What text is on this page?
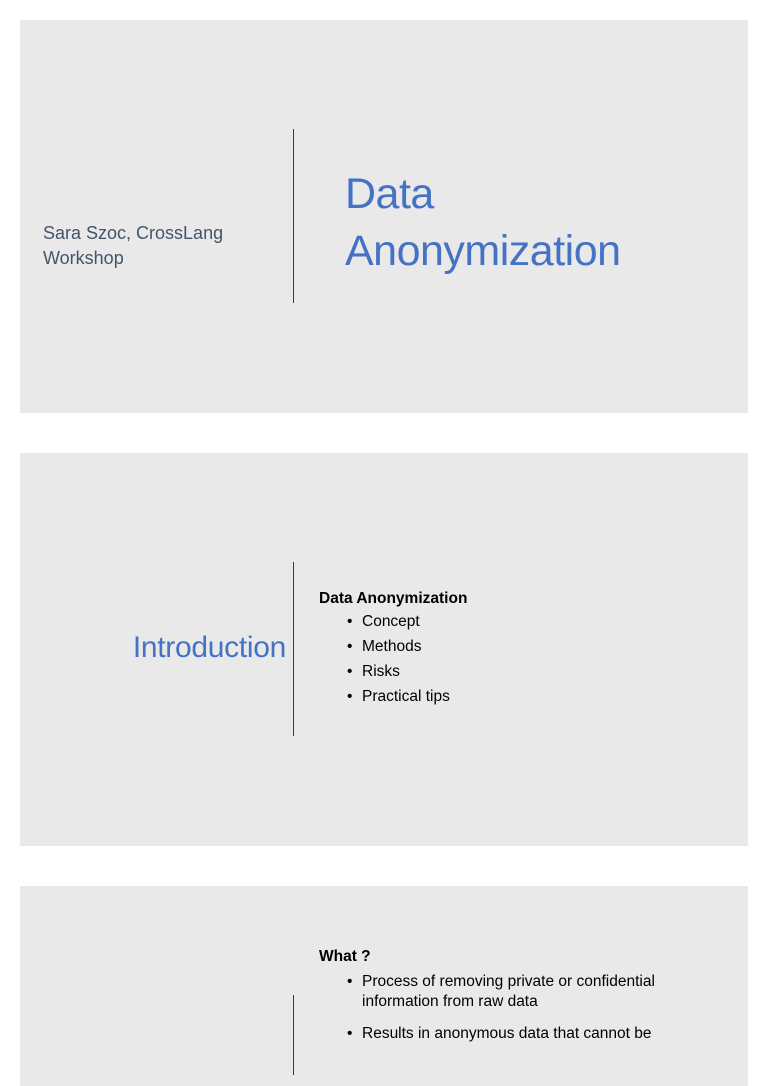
Sara Szoc, CrossLang Workshop
Data
Anonymization
Introduction
Data Anonymization
• Concept
• Methods
• Risks
• Practical tips
What ?
• Process of removing private or confidential information from raw data
• Results in anonymous data that cannot be
